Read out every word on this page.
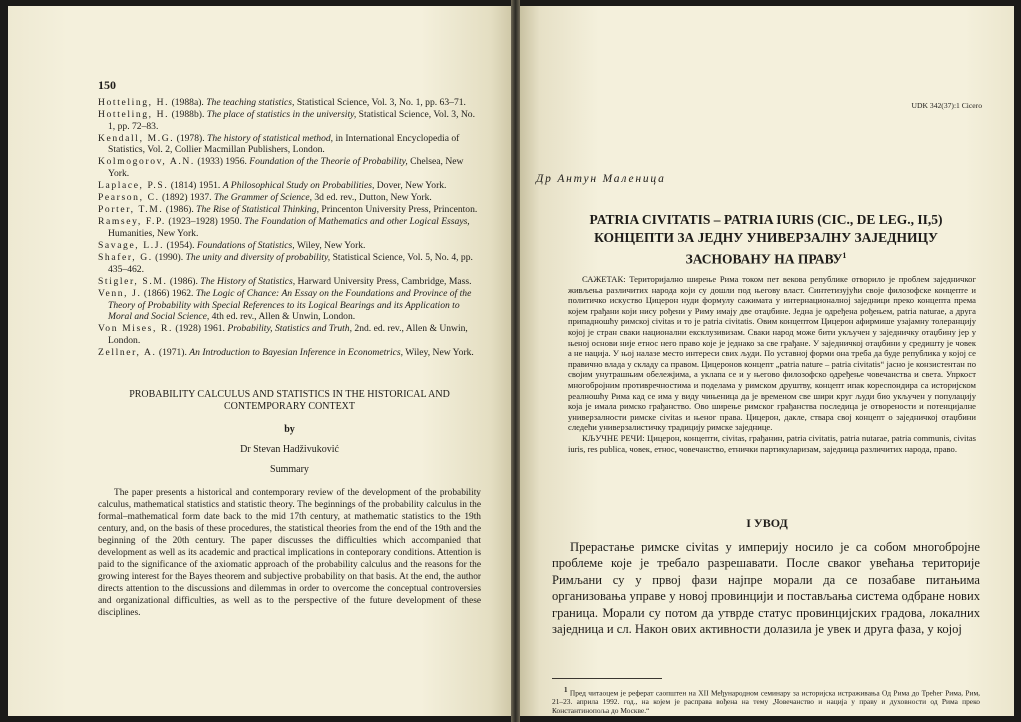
150
Hotteling, H. (1988a). The teaching statistics, Statistical Science, Vol. 3, No. 1, pp. 63–71.
Hotteling, H. (1988b). The place of statistics in the university, Statistical Science, Vol. 3, No. 1, pp. 72–83.
Kendall, M.G. (1978). The history of statistical method, in International Encyclopedia of Statistics, Vol. 2, Collier Macmillan Publishers, London.
Kolmogorov, A.N. (1933) 1956. Foundation of the Theorie of Probability, Chelsea, New York.
Laplace, P.S. (1814) 1951. A Philosophical Study on Probabilities, Dover, New York.
Pearson, C. (1892) 1937. The Grammer of Science, 3d ed. rev., Dutton, New York.
Porter, T.M. (1986). The Rise of Statistical Thinking, Princenton University Press, Princenton.
Ramsey, F.P. (1923–1928) 1950. The Foundation of Mathematics and other Logical Essays, Humanities, New York.
Savage, L.J. (1954). Foundations of Statistics, Wiley, New York.
Shafer, G. (1990). The unity and diversity of probability, Statistical Science, Vol. 5, No. 4, pp. 435–462.
Stigler, S.M. (1986). The History of Statistics, Harward University Press, Cambridge, Mass.
Venn, J. (1866) 1962. The Logic of Chance: An Essay on the Foundations and Province of the Theory of Probability with Special References to its Logical Bearings and its Application to Moral and Social Science, 4th ed. rev., Allen & Unwin, London.
Von Mises, R. (1928) 1961. Probability, Statistics and Truth, 2nd. ed. rev., Allen & Unwin, London.
Zellner, A. (1971). An Introduction to Bayesian Inference in Econometrics, Wiley, New York.

PROBABILITY CALCULUS AND STATISTICS IN THE HISTORICAL AND CONTEMPORARY CONTEXT

by

Dr Stevan Hadživuković

Summary

The paper presents a historical and contemporary review of the development of the probability calculus, mathematical statistics and statistic theory. The beginnings of the probability calculus in the formal–mathematical form date back to the mid 17th century, at mathematic statistics to the 19th century, and, on the basis of these procedures, the statistical theories from the end of the 19th and the beginning of the 20th century. The paper discusses the difficulties which accompanied that development as well as its academic and practical implications in conteporary conditions. Attention is paid to the significance of the axiomatic approach of the probability calculus and the reasons for the growing interest for the Bayes theorem and subjective probability on that basis. At the end, the author directs attention to the discussions and dilemmas in order to overcome the conceptual controversies and organizational difficulties, as well as to the perspective of the future development of these disciplines.

UDK 342(37):1 Cicero
Др Антун Маленица
PATRIA CIVITATIS – PATRIA IURIS (CIC., DE LEG., II,5)
КОНЦЕПТИ ЗА ЈЕДНУ УНИВЕРЗАЛНУ ЗАЈЕДНИЦУ
ЗАСНОВАНУ НА ПРАВУ$^1$

САЖЕТАК: Територијално ширење Рима током пет векова републике отворило је проблем заједничког живљења различитих народа који су дошли под његову власт. Синтетизујући своје филозофске концепте и политичко искуство Цицерон нуди формулу сажиматa у интернационалној заједници преко концепта према којем грађани који нису рођени у Риму имају две отаџбине. Једна је одређена рођењем, patria naturae, а друга припадношћу римској civitas и то је patria civitatis. Овим концептом Цицерон афирмише узајамну толеранцију којој је стран сваки национални ексклузивизам. Сваки народ може бити укључен у заједничку отаџбину јер у њеној основи није етнос него право које је једнако за све грађане. У заједничкој отаџбини у средишту је човек а не нација. У њој налазе место интереси свих људи. По уставној форми она треба да буде република у којој се правично влада у складу са правом. Цицеронов концепт „patria nature – patria civitatis“ јасно је конзистентан по својим унутрашњим обележјима, а уклапа се и у његово филозофско одређење човечанства и света. Упркост многобројним противречностима и поделама у римском друштву, концепт ипак кореспондира са историјском реалношћу Рима кад се има у виду чињеница да је временом све шири круг људи био укључен у популацију која је имала римско грађанство. Ово ширење римског грађанства последица је отворености и потенцијалне универзалности римске civitas и њеног права. Цицерон, дакле, ствара свој концепт о заједничкој отаџбини следећи универзалистичку традицију римске заједнице.

КЉУЧНЕ РЕЧИ: Цицерон, концепти, civitas, грађанин, patria civitatis, patria nutarae, patria communis, civitas iuris, res publica, човек, етнос, човечанство, етнички партикуларизам, заједница различитих народа, право.

I УВОД

Прерастање римске civitas у империју носило је са собом многобројне проблеме које је требало разрешавати. После сваког увећања територије Римљани су у првој фази најпре морали да се позабаве питањима организовања управе у новој провинцији и постављања система одбране нових граница. Морали су потом да утврде статус провинцијских градова, локалних заједница и сл. Након ових активности долазила је увек и друга фаза, у којој

$^1$ Пред читаоцем је реферат саопштен на XII Међународном семинару за историјска истраживања Од Рима до Трећег Рима, Рим, 21–23. априла 1992. год., на којем је расправа вођена на тему „Човечанство и нација у праву и духовности од Рима преко Константинопоља до Москве.“
